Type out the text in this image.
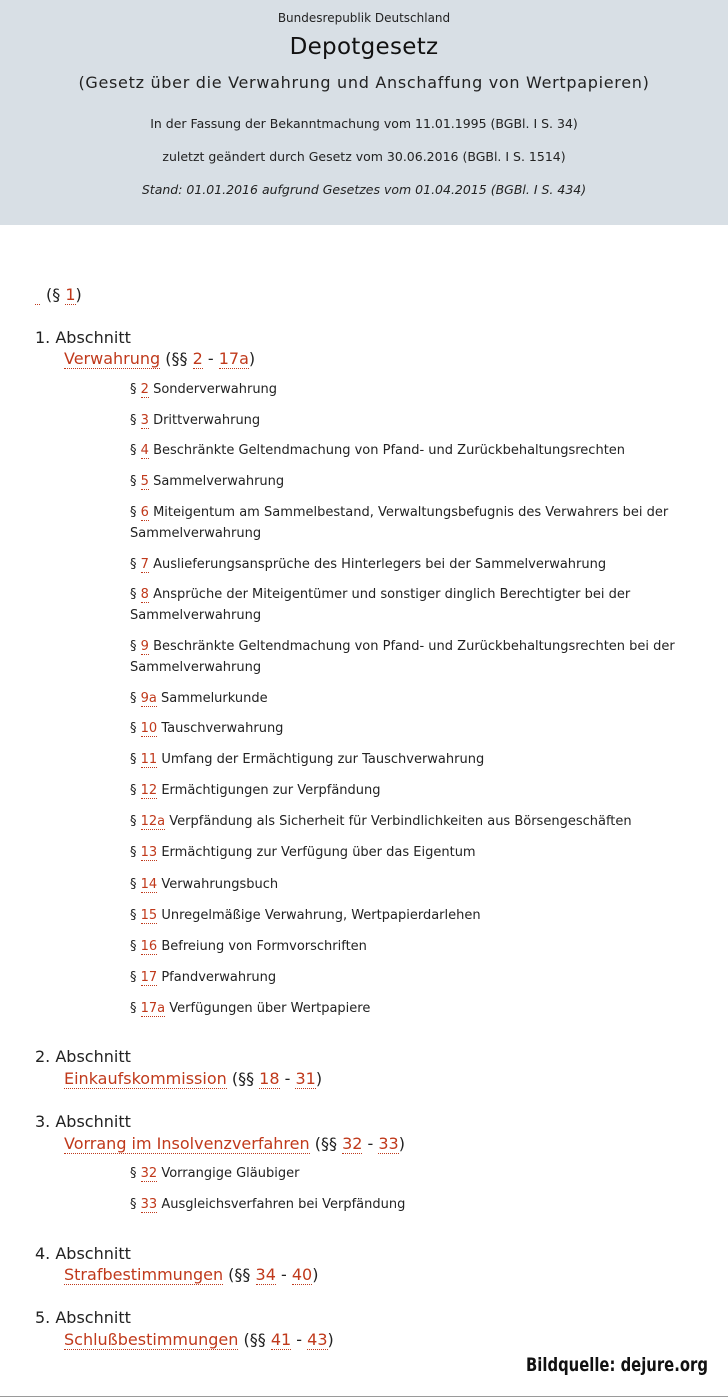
Bundesrepublik Deutschland
Depotgesetz
(Gesetz über die Verwahrung und Anschaffung von Wertpapieren)
In der Fassung der Bekanntmachung vom 11.01.1995 (BGBl. I S. 34)
zuletzt geändert durch Gesetz vom 30.06.2016 (BGBl. I S. 1514)
Stand: 01.01.2016 aufgrund Gesetzes vom 01.04.2015 (BGBl. I S. 434)
(§ 1)
1. Abschnitt
Verwahrung (§§ 2 - 17a)
§ 2 Sonderverwahrung
§ 3 Drittverwahrung
§ 4 Beschränkte Geltendmachung von Pfand- und Zurückbehaltungsrechten
§ 5 Sammelverwahrung
§ 6 Miteigentum am Sammelbestand, Verwaltungsbefugnis des Verwahrers bei der Sammelverwahrung
§ 7 Auslieferungsansprüche des Hinterlegers bei der Sammelverwahrung
§ 8 Ansprüche der Miteigentümer und sonstiger dinglich Berechtigter bei der Sammelverwahrung
§ 9 Beschränkte Geltendmachung von Pfand- und Zurückbehaltungsrechten bei der Sammelverwahrung
§ 9a Sammelurkunde
§ 10 Tauschverwahrung
§ 11 Umfang der Ermächtigung zur Tauschverwahrung
§ 12 Ermächtigungen zur Verpfändung
§ 12a Verpfändung als Sicherheit für Verbindlichkeiten aus Börsengeschäften
§ 13 Ermächtigung zur Verfügung über das Eigentum
§ 14 Verwahrungsbuch
§ 15 Unregelmäßige Verwahrung, Wertpapierdarlehen
§ 16 Befreiung von Formvorschriften
§ 17 Pfandverwahrung
§ 17a Verfügungen über Wertpapiere
2. Abschnitt
Einkaufskommission (§§ 18 - 31)
3. Abschnitt
Vorrang im Insolvenzverfahren (§§ 32 - 33)
§ 32 Vorrangige Gläubiger
§ 33 Ausgleichsverfahren bei Verpfändung
4. Abschnitt
Strafbestimmungen (§§ 34 - 40)
5. Abschnitt
Schlußbestimmungen (§§ 41 - 43)
Bildquelle: dejure.org
